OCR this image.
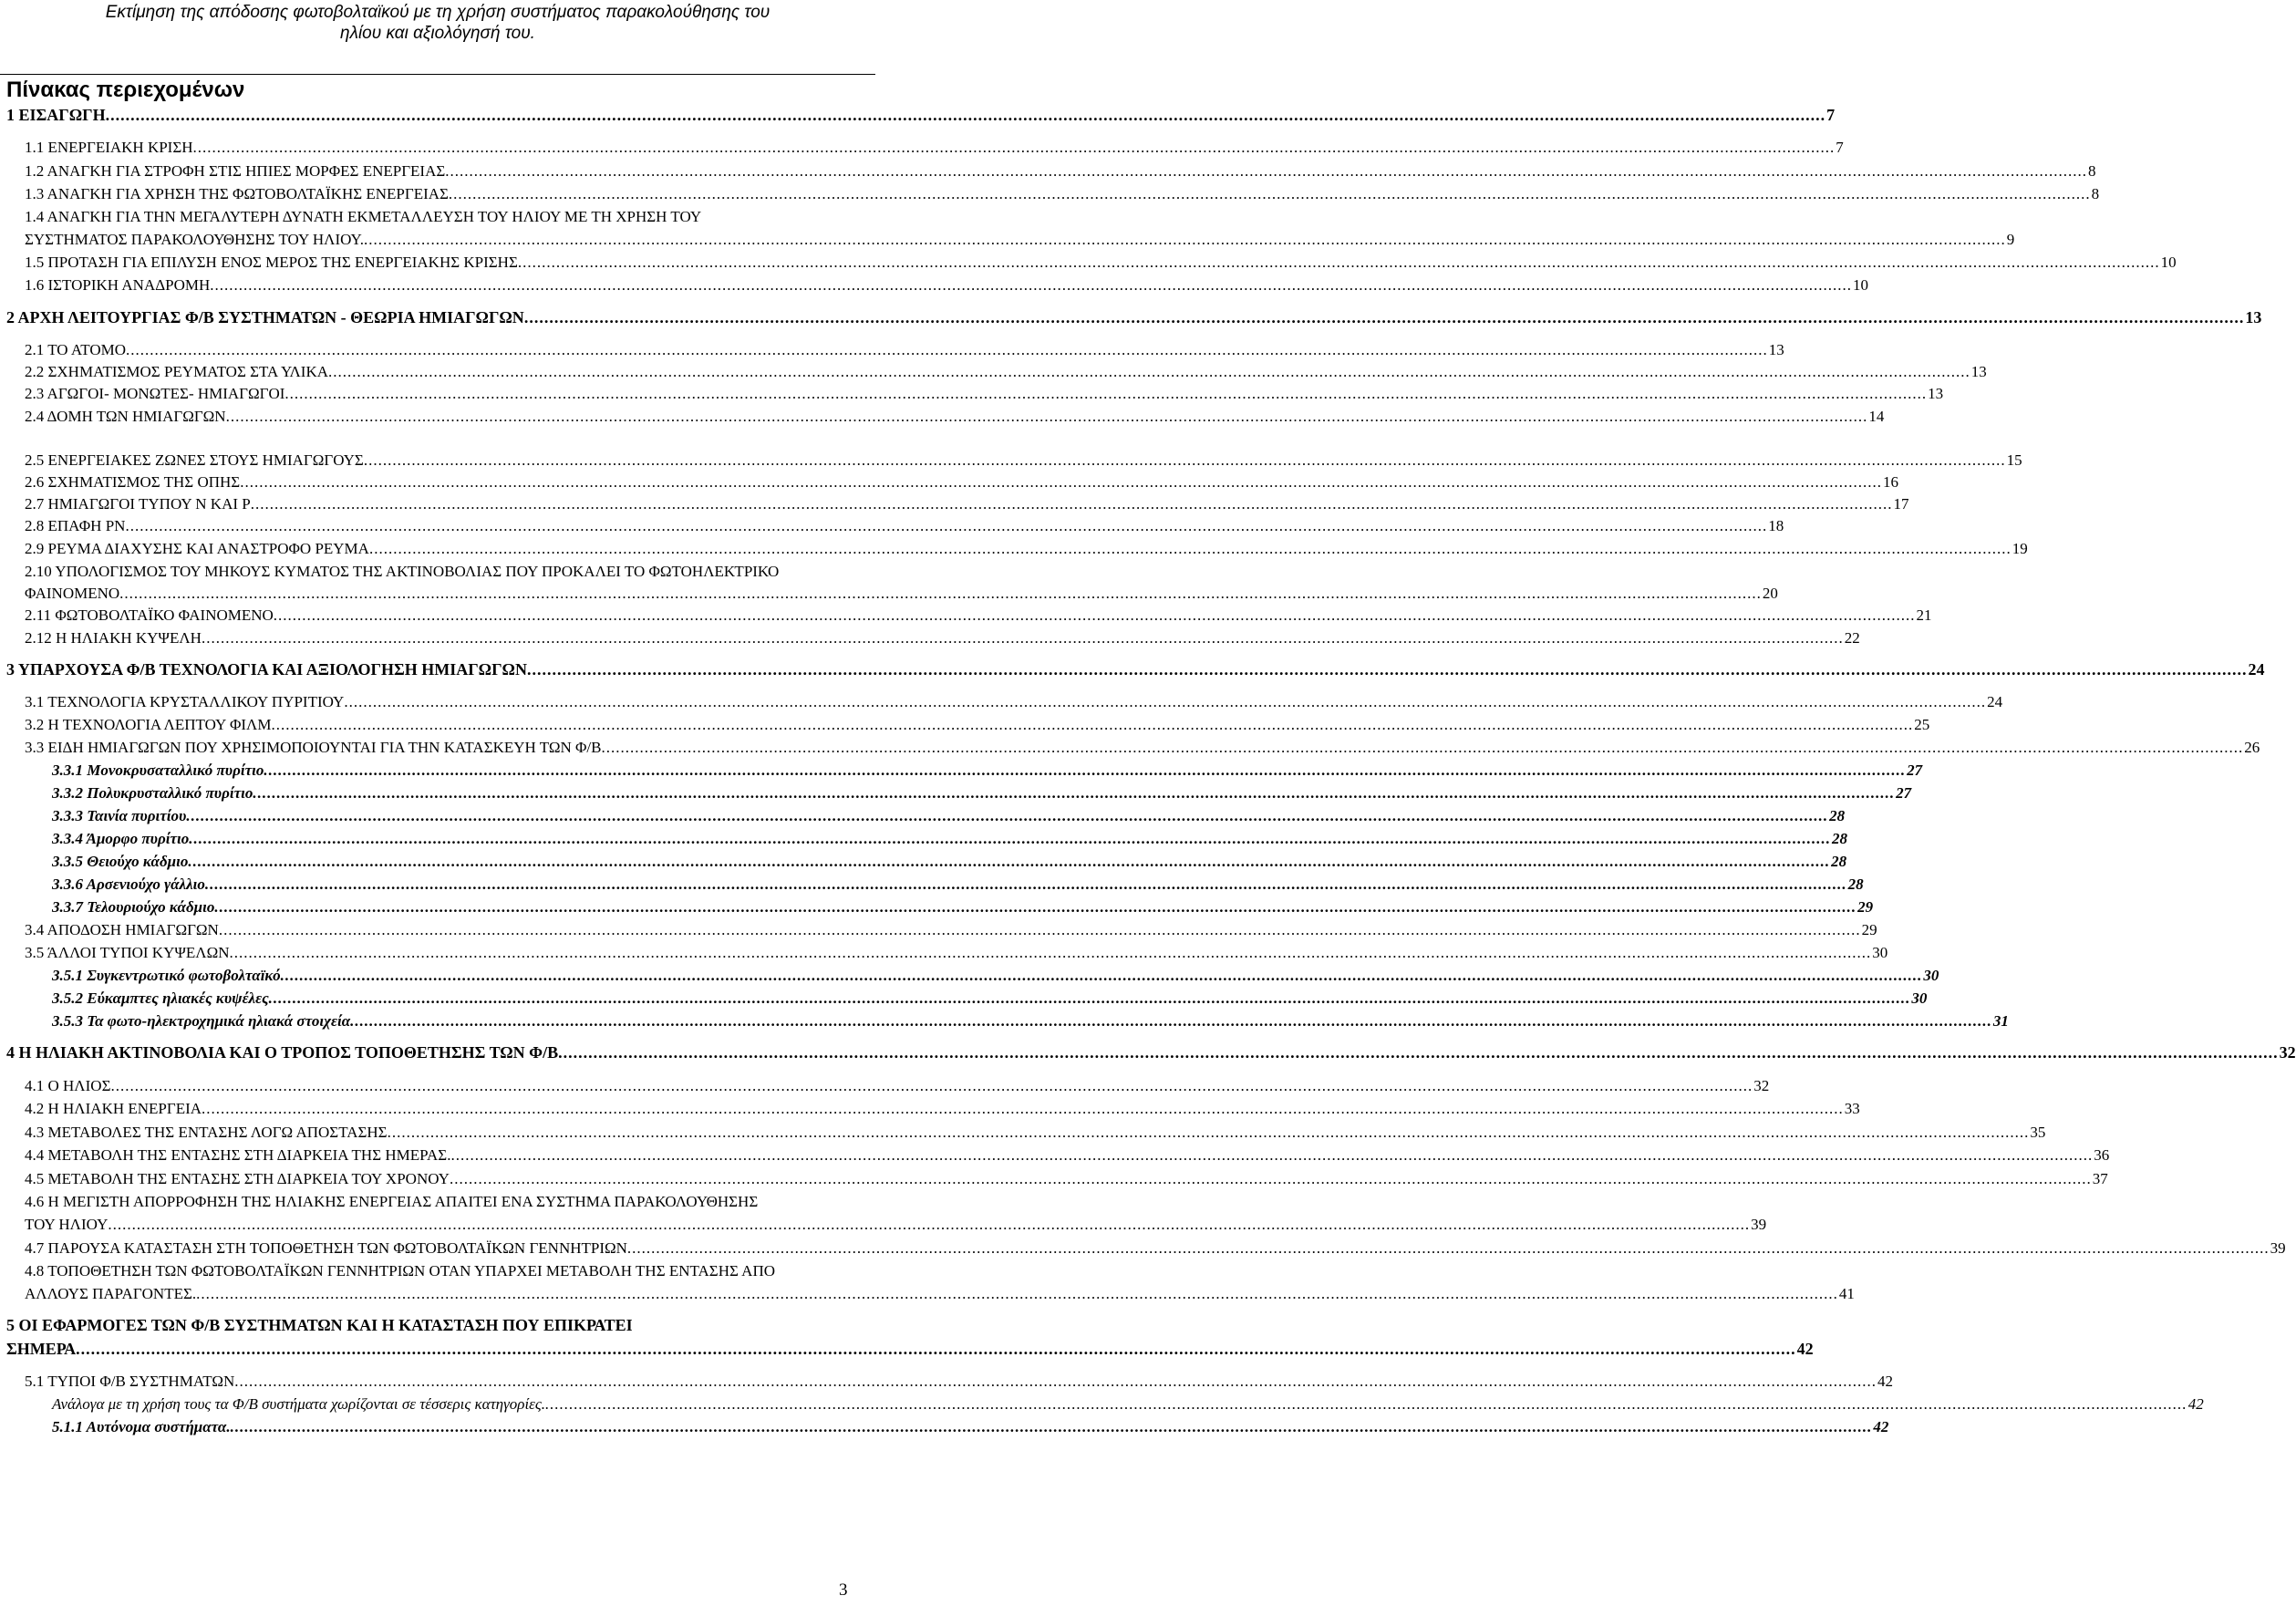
Εκτίμηση της απόδοσης φωτοβολταϊκού με τη χρήση συστήματος παρακολούθησης του
ηλίου και αξιολόγησή του.
Πίνακας περιεχομένων
1 ΕΙΣΑΓΩΓΗ .....	7
1.1 ΕΝΕΡΓΕΙΑΚΗ ΚΡΙΣΗ .....	7
1.2 ΑΝΑΓΚΗ ΓΙΑ ΣΤΡΟΦΗ ΣΤΙΣ ΗΠΙΕΣ ΜΟΡΦΕΣ ΕΝΕΡΓΕΙΑΣ .....	8
1.3 ΑΝΑΓΚΗ ΓΙΑ ΧΡΗΣΗ ΤΗΣ ΦΩΤΟΒΟΛΤΑΪΚΗΣ ΕΝΕΡΓΕΙΑΣ .....	8
1.4 ΑΝΑΓΚΗ ΓΙΑ ΤΗΝ ΜΕΓΑΛΥΤΕΡΗ ΔΥΝΑΤΗ ΕΚΜΕΤΑΛΛΕΥΣΗ ΤΟΥ ΗΛΙΟΥ ΜΕ ΤΗ ΧΡΗΣΗ ΤΟΥ
ΣΥΣΤΗΜΑΤΟΣ ΠΑΡΑΚΟΛΟΥΘΗΣΗΣ ΤΟΥ ΗΛΙΟΥ. .....	9
1.5 ΠΡΟΤΑΣΗ ΓΙΑ ΕΠΙΛΥΣΗ ΕΝΟΣ ΜΕΡΟΣ ΤΗΣ ΕΝΕΡΓΕΙΑΚΗΣ ΚΡΙΣΗΣ .....	10
1.6 ΙΣΤΟΡΙΚΗ ΑΝΑΔΡΟΜΗ .....	10
2 ΑΡΧΗ ΛΕΙΤΟΥΡΓΙΑΣ Φ/Β ΣΥΣΤΗΜΑΤΩΝ - ΘΕΩΡΙΑ ΗΜΙΑΓΩΓΩΝ .....	13
2.1 ΤΟ ΑΤΟΜΟ .....	13
2.2 ΣΧΗΜΑΤΙΣΜΟΣ ΡΕΥΜΑΤΟΣ ΣΤΑ ΥΛΙΚΑ .....	13
2.3 ΑΓΩΓΟΙ- ΜΟΝΩΤΕΣ- ΗΜΙΑΓΩΓΟΙ .....	13
2.4 ΔΟΜΗ ΤΩΝ ΗΜΙΑΓΩΓΩΝ .....	14
2.5 ΕΝΕΡΓΕΙΑΚΕΣ ΖΩΝΕΣ ΣΤΟΥΣ ΗΜΙΑΓΩΓΟΥΣ .....	15
2.6 ΣΧΗΜΑΤΙΣΜΟΣ ΤΗΣ ΟΠΗΣ .....	16
2.7 ΗΜΙΑΓΩΓΟΙ ΤΥΠΟΥ Ν ΚΑΙ Ρ .....	17
2.8 ΕΠΑΦΗ ΡΝ .....	18
2.9 ΡΕΥΜΑ ΔΙΑΧΥΣΗΣ ΚΑΙ ΑΝΑΣΤΡΟΦΟ ΡΕΥΜΑ .....	19
2.10 ΥΠΟΛΟΓΙΣΜΟΣ ΤΟΥ ΜΗΚΟΥΣ ΚΥΜΑΤΟΣ ΤΗΣ ΑΚΤΙΝΟΒΟΛΙΑΣ ΠΟΥ ΠΡΟΚΑΛΕΙ ΤΟ ΦΩΤΟΗΛΕΚΤΡΙΚΟ
ΦΑΙΝΟΜΕΝΟ .....	20
2.11 ΦΩΤΟΒΟΛΤΑΪΚΟ ΦΑΙΝΟΜΕΝΟ .....	21
2.12 Η ΗΛΙΑΚΗ ΚΥΨΕΛΗ .....	22
3 ΥΠΑΡΧΟΥΣΑ Φ/Β ΤΕΧΝΟΛΟΓΙΑ ΚΑΙ ΑΞΙΟΛΟΓΗΣΗ ΗΜΙΑΓΩΓΩΝ .....	24
3.1 ΤΕΧΝΟΛΟΓΙΑ ΚΡΥΣΤΑΛΛΙΚΟΥ ΠΥΡΙΤΙΟΥ .....	24
3.2 Η ΤΕΧΝΟΛΟΓΙΑ ΛΕΠΤΟΥ ΦΙΛΜ .....	25
3.3 ΕΙΔΗ ΗΜΙΑΓΩΓΩΝ ΠΟΥ ΧΡΗΣΙΜΟΠΟΙΟΥΝΤΑΙ ΓΙΑ ΤΗΝ ΚΑΤΑΣΚΕΥΗ ΤΩΝ Φ/Β .....	26
3.3.1 Μονοκρυσαταλλικό πυρίτιο .....	27
3.3.2 Πολυκρυσταλλικό πυρίτιο .....	27
3.3.3 Ταινία πυριτίου .....	28
3.3.4 Άμορφο πυρίτιο .....	28
3.3.5 Θειούχο κάδμιο .....	28
3.3.6 Αρσενιούχο γάλλιο .....	28
3.3.7 Τελουριούχο κάδμιο .....	29
3.4 ΑΠΟΔΟΣΗ ΗΜΙΑΓΩΓΩΝ .....	29
3.5 ΆΛΛΟΙ ΤΥΠΟΙ ΚΥΨΕΛΩΝ .....	30
3.5.1 Συγκεντρωτικό φωτοβολταϊκό .....	30
3.5.2 Εύκαμπτες ηλιακές κυψέλες .....	30
3.5.3 Τα φωτο-ηλεκτροχημικά ηλιακά στοιχεία .....	31
4 Η ΗΛΙΑΚΗ ΑΚΤΙΝΟΒΟΛΙΑ ΚΑΙ Ο ΤΡΟΠΟΣ ΤΟΠΟΘΕΤΗΣΗΣ ΤΩΝ Φ/Β .....	32
4.1 Ο ΗΛΙΟΣ .....	32
4.2 Η ΗΛΙΑΚΗ ΕΝΕΡΓΕΙΑ .....	33
4.3 ΜΕΤΑΒΟΛΕΣ ΤΗΣ ΕΝΤΑΣΗΣ ΛΟΓΩ ΑΠΟΣΤΑΣΗΣ .....	35
4.4 ΜΕΤΑΒΟΛΗ ΤΗΣ ΕΝΤΑΣΗΣ ΣΤΗ ΔΙΑΡΚΕΙΑ ΤΗΣ ΗΜΕΡΑΣ. .....	36
4.5 ΜΕΤΑΒΟΛΗ ΤΗΣ ΕΝΤΑΣΗΣ ΣΤΗ ΔΙΑΡΚΕΙΑ ΤΟΥ ΧΡΟΝΟΥ .....	37
4.6 Η ΜΕΓΙΣΤΗ ΑΠΟΡΡΟΦΗΣΗ ΤΗΣ ΗΛΙΑΚΗΣ ΕΝΕΡΓΕΙΑΣ ΑΠΑΙΤΕΙ ΕΝΑ ΣΥΣΤΗΜΑ ΠΑΡΑΚΟΛΟΥΘΗΣΗΣ
ΤΟΥ ΗΛΙΟΥ .....	39
4.7 ΠΑΡΟΥΣΑ ΚΑΤΑΣΤΑΣΗ ΣΤΗ ΤΟΠΟΘΕΤΗΣΗ ΤΩΝ ΦΩΤΟΒΟΛΤΑΪΚΩΝ ΓΕΝΝΗΤΡΙΩΝ .....	39
4.8 ΤΟΠΟΘΕΤΗΣΗ ΤΩΝ ΦΩΤΟΒΟΛΤΑΪΚΩΝ ΓΕΝΝΗΤΡΙΩΝ ΟΤΑΝ ΥΠΑΡΧΕΙ ΜΕΤΑΒΟΛΗ ΤΗΣ ΕΝΤΑΣΗΣ ΑΠΟ
ΑΛΛΟΥΣ ΠΑΡΑΓΟΝΤΕΣ. .....	41
5 ΟΙ ΕΦΑΡΜΟΓΕΣ ΤΩΝ Φ/Β ΣΥΣΤΗΜΑΤΩΝ ΚΑΙ Η ΚΑΤΑΣΤΑΣΗ ΠΟΥ ΕΠΙΚΡΑΤΕΙ
ΣΗΜΕΡΑ .....	42
5.1 ΤΥΠΟΙ Φ/Β ΣΥΣΤΗΜΑΤΩΝ .....	42
Ανάλογα με τη χρήση τους τα Φ/Β συστήματα χωρίζονται σε τέσσερις κατηγορίες. .....	42
5.1.1 Αυτόνομα συστήματα. .....	42
3
